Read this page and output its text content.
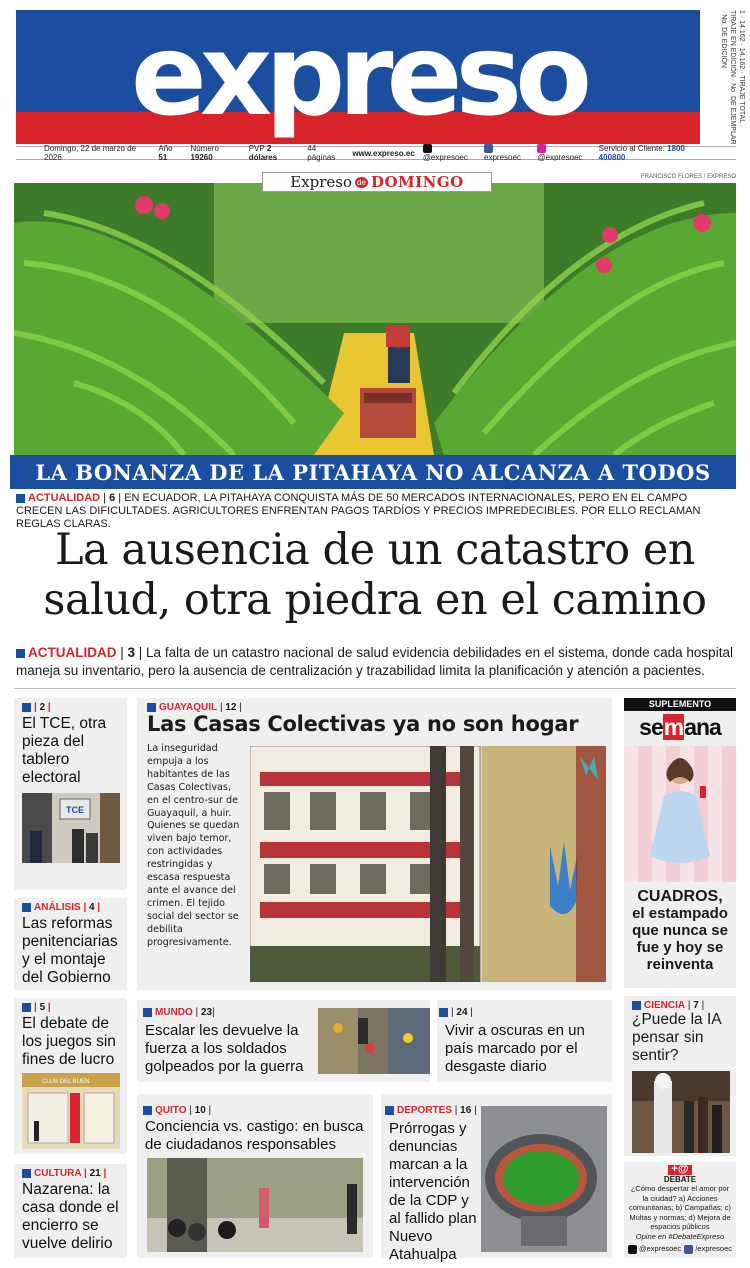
expreso	1 · 14.162 · 14.162 · TIRAJE TOTAL · TIRAJE EN EDICIÓN · No. DE EJEMPLAR · No. DE EDICIÓN
Domingo, 22 de marzo de 2026
Año 51
Número 19260
PVP 2 dólares
44 páginas	www.expreso.ec
@expresoec	expresoec	@expresoec
Servicio al Cliente: 1800 400800
FRANCISCO FLORES / EXPRESO
Expreso de DOMINGO
LA BONANZA DE LA PITAHAYA NO ALCANZA A TODOS
ACTUALIDAD | 6 | EN ECUADOR, LA PITAHAYA CONQUISTA MÁS DE 50 MERCADOS INTERNACIONALES, PERO EN EL CAMPO CRECEN LAS DIFICULTADES. AGRICULTORES ENFRENTAN PAGOS TARDÍOS Y PRECIOS IMPREDECIBLES. POR ELLO RECLAMAN REGLAS CLARAS.
La ausencia de un catastro en salud, otra piedra en el camino
ACTUALIDAD | 3 | La falta de un catastro nacional de salud evidencia debilidades en el sistema, donde cada hospital maneja su inventario, pero la ausencia de centralización y trazabilidad limita la planificación y atención a pacientes.
| 2 |
El TCE, otra pieza del tablero electoral
TCE
ANÁLISIS | 4 |
Las reformas penitenciarias y el montaje del Gobierno
| 5 |
El debate de los juegos sin fines de lucro
CLUB DEL BUEN
CULTURA | 21 |
Nazarena: la casa donde el encierro se vuelve delirio
GUAYAQUIL | 12 |
Las Casas Colectivas ya no son hogar

La inseguridad empuja a los habitantes de las Casas Colectivas, en el centro-sur de Guayaquil, a huir. Quienes se quedan viven bajo temor, con actividades restringidas y escasa respuesta ante el avance del crimen. El tejido social del sector se debilita progresivamente.

MUNDO | 23|
Escalar les devuelve la fuerza a los soldados golpeados por la guerra
| 24 |
Vivir a oscuras en un país marcado por el desgaste diario
QUITO | 10 |
Conciencia vs. castigo: en busca de ciudadanos responsables
DEPORTES | 16 |
Prórrogas y denuncias marcan a la intervención de la CDP y al fallido plan Nuevo Atahualpa
SUPLEMENTO
semana
CUADROS,
el estampado que nunca se fue y hoy se reinventa
CIENCIA | 7 |
¿Puede la IA pensar sin sentir?
+@
DEBATE
¿Cómo despertar el amor por la ciudad? a) Acciones comunitarias; b) Campañas; c) Multas y normas; d) Mejora de espacios públicos
Opine en #DebateExpreso
@expresoec	/expresoec
